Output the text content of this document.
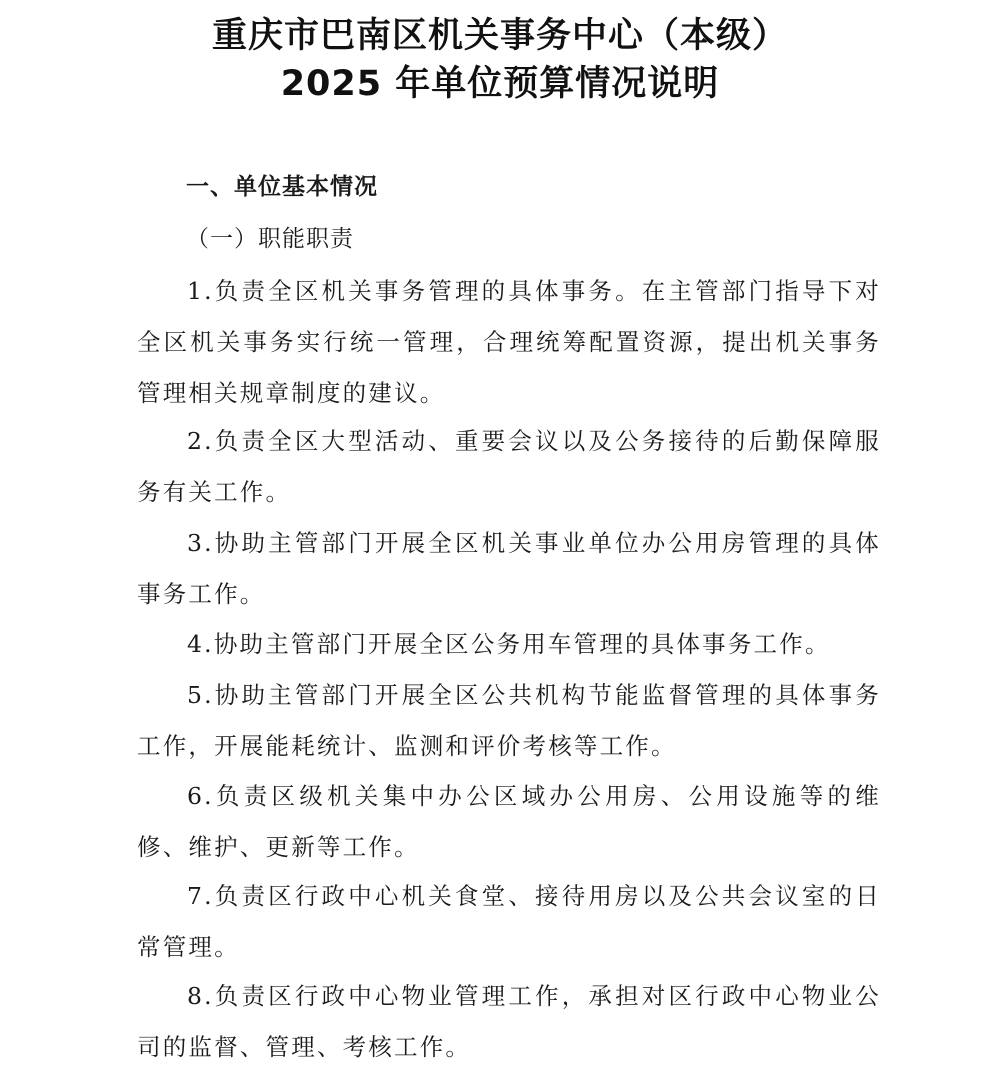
重庆市巴南区机关事务中心（本级）
2025 年单位预算情况说明
一、单位基本情况
（一）职能职责
1.负责全区机关事务管理的具体事务。在主管部门指导下对全区机关事务实行统一管理，合理统筹配置资源，提出机关事务管理相关规章制度的建议。
2.负责全区大型活动、重要会议以及公务接待的后勤保障服务有关工作。
3.协助主管部门开展全区机关事业单位办公用房管理的具体事务工作。
4.协助主管部门开展全区公务用车管理的具体事务工作。
5.协助主管部门开展全区公共机构节能监督管理的具体事务工作，开展能耗统计、监测和评价考核等工作。
6.负责区级机关集中办公区域办公用房、公用设施等的维修、维护、更新等工作。
7.负责区行政中心机关食堂、接待用房以及公共会议室的日常管理。
8.负责区行政中心物业管理工作，承担对区行政中心物业公司的监督、管理、考核工作。
